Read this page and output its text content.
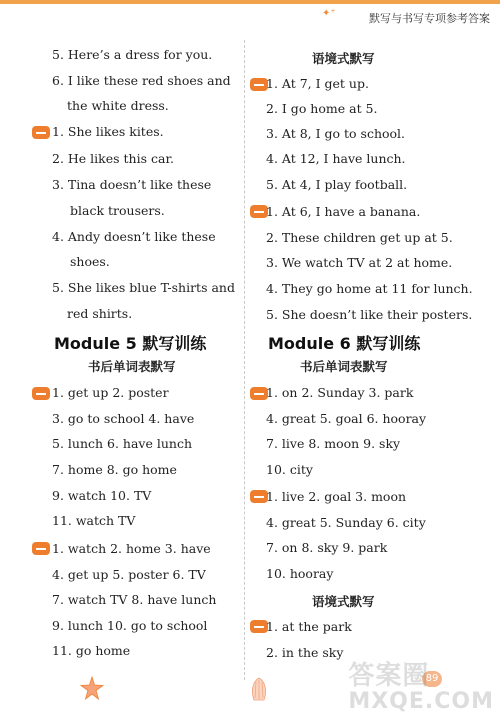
✦⁺	默写与书写专项参考答案
5. Here’s a dress for you.
6. I like these red shoes and
the white dress.
1. She likes kites.
2. He likes this car.
3. Tina doesn’t like these
black trousers.
4. Andy doesn’t like these
shoes.
5. She likes blue T-shirts and
red shirts.
Module 5 默写训练
书后单词表默写
1. get up 2. poster
3. go to school 4. have
5. lunch 6. have lunch
7. home 8. go home
9. watch 10. TV
11. watch TV
1. watch 2. home 3. have
4. get up 5. poster 6. TV
7. watch TV 8. have lunch
9. lunch 10. go to school
11. go home
语境式默写
1. At 7, I get up.
2. I go home at 5.
3. At 8, I go to school.
4. At 12, I have lunch.
5. At 4, I play football.
1. At 6, I have a banana.
2. These children get up at 5.
3. We watch TV at 2 at home.
4. They go home at 11 for lunch.
5. She doesn’t like their posters.
Module 6 默写训练
书后单词表默写
1. on 2. Sunday 3. park
4. great 5. goal 6. hooray
7. live 8. moon 9. sky
10. city
1. live 2. goal 3. moon
4. great 5. Sunday 6. city
7. on 8. sky 9. park
10. hooray
语境式默写
1. at the park
2. in the sky
89
答案圈
MXQE.COM
